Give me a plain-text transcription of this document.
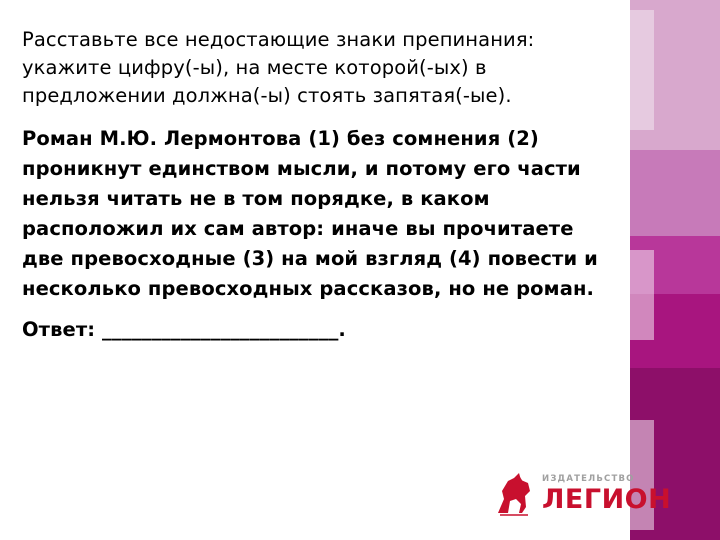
Расставьте все недостающие знаки препинания: укажите цифру(-ы), на месте которой(-ых) в предложении должна(-ы) стоять запятая(-ые).

Роман М.Ю. Лермонтова (1) без сомнения (2) проникнут единством мысли, и потому его части нельзя читать не в том порядке, в каком расположил их сам автор: иначе вы прочитаете две превосходные (3) на мой взгляд (4) повести и несколько превосходных рассказов, но не роман.

Ответ: ________________________.

ИЗДАТЕЛЬСТВО
ЛЕГИОН
